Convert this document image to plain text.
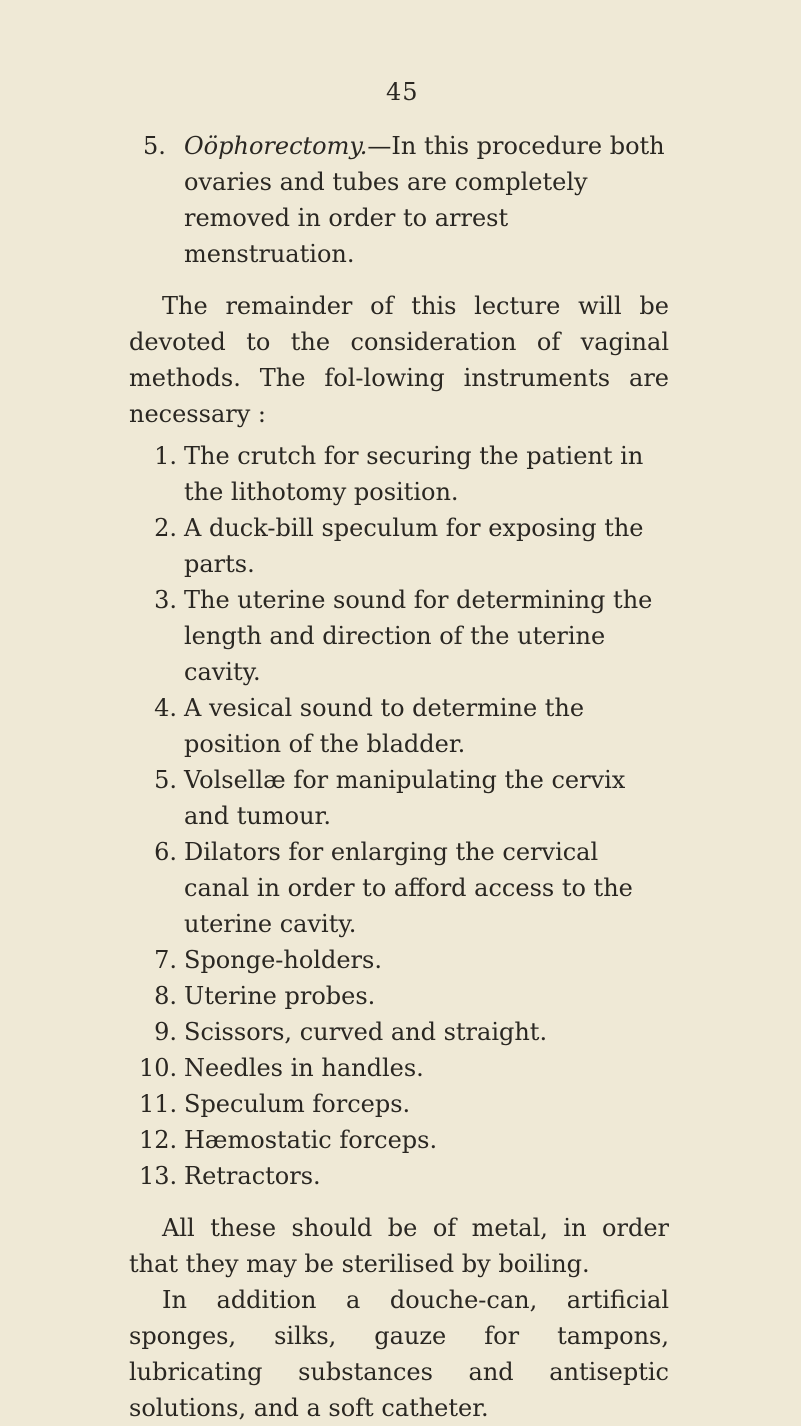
45
5. Oöphorectomy.—In this procedure both ovaries and tubes are completely removed in order to arrest menstruation.

The remainder of this lecture will be devoted to the consideration of vaginal methods. The fol-lowing instruments are necessary :

1. The crutch for securing the patient in the lithotomy position.
2. A duck-bill speculum for exposing the parts.
3. The uterine sound for determining the length and direction of the uterine cavity.
4. A vesical sound to determine the position of the bladder.
5. Volsellæ for manipulating the cervix and tumour.
6. Dilators for enlarging the cervical canal in order to afford access to the uterine cavity.
7. Sponge-holders.
8. Uterine probes.
9. Scissors, curved and straight.
10. Needles in handles.
11. Speculum forceps.
12. Hæmostatic forceps.
13. Retractors.

All these should be of metal, in order that they may be sterilised by boiling.

In addition a douche-can, artificial sponges, silks, gauze for tampons, lubricating substances and antiseptic solutions, and a soft catheter.
